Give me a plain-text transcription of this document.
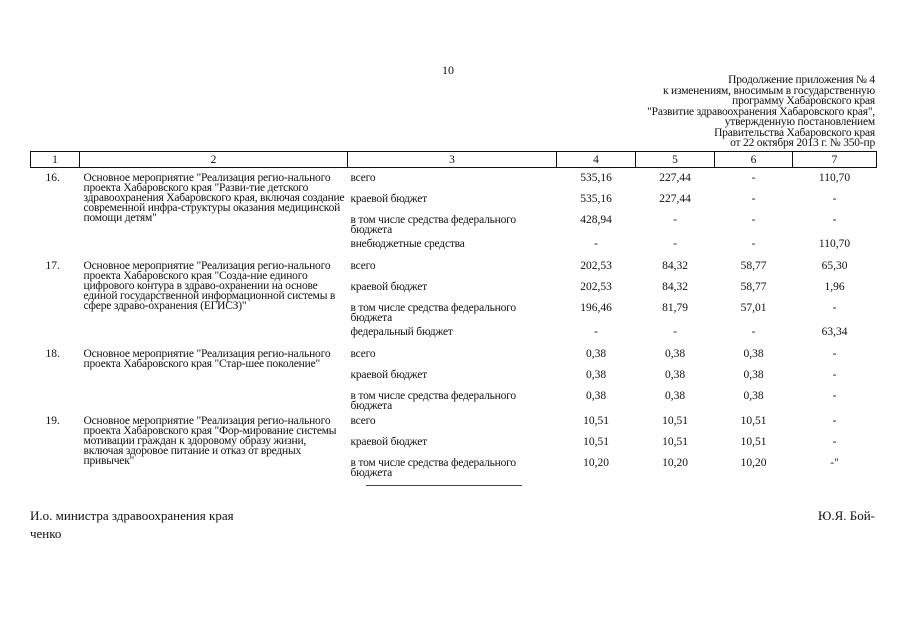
10
Продолжение приложения № 4
к изменениям, вносимым в государственную
программу Хабаровского края
"Развитие здравоохранения Хабаровского края",
утвержденную постановлением
Правительства Хабаровского края
от 22 октября 2013 г. № 350-пр
1	2	3	4	5	6	7
16.	Основное мероприятие "Реализация регио-нального проекта Хабаровского края "Разви-тие детского здравоохранения Хабаровского края, включая создание современной инфра-структуры оказания медицинской помощи детям"	всего	535,16	227,44	-	110,70
		краевой бюджет	535,16	227,44	-	-
		в том числе средства федерального бюджета	428,94	-	-	-
		внебюджетные средства	-	-	-	110,70
17.	Основное мероприятие "Реализация регио-нального проекта Хабаровского края "Созда-ние единого цифрового контура в здраво-охранении на основе единой государственной информационной системы в сфере здраво-охранения (ЕГИСЗ)"	всего	202,53	84,32	58,77	65,30
		краевой бюджет	202,53	84,32	58,77	1,96
		в том числе средства федерального бюджета	196,46	81,79	57,01	-
		федеральный бюджет	-	-	-	63,34
18.	Основное мероприятие "Реализация регио-нального проекта Хабаровского края "Стар-шее поколение"	всего	0,38	0,38	0,38	-
		краевой бюджет	0,38	0,38	0,38	-
		в том числе средства федерального бюджета	0,38	0,38	0,38	-
19.	Основное мероприятие "Реализация регио-нального проекта Хабаровского края "Фор-мирование системы мотивации граждан к здоровому образу жизни, включая здоровое питание и отказ от вредных привычек"	всего	10,51	10,51	10,51	-
		краевой бюджет	10,51	10,51	10,51	-
		в том числе средства федерального бюджета	10,20	10,20	10,20	-"
И.о. министра здравоохранения края	Ю.Я. Бой-
ченко
